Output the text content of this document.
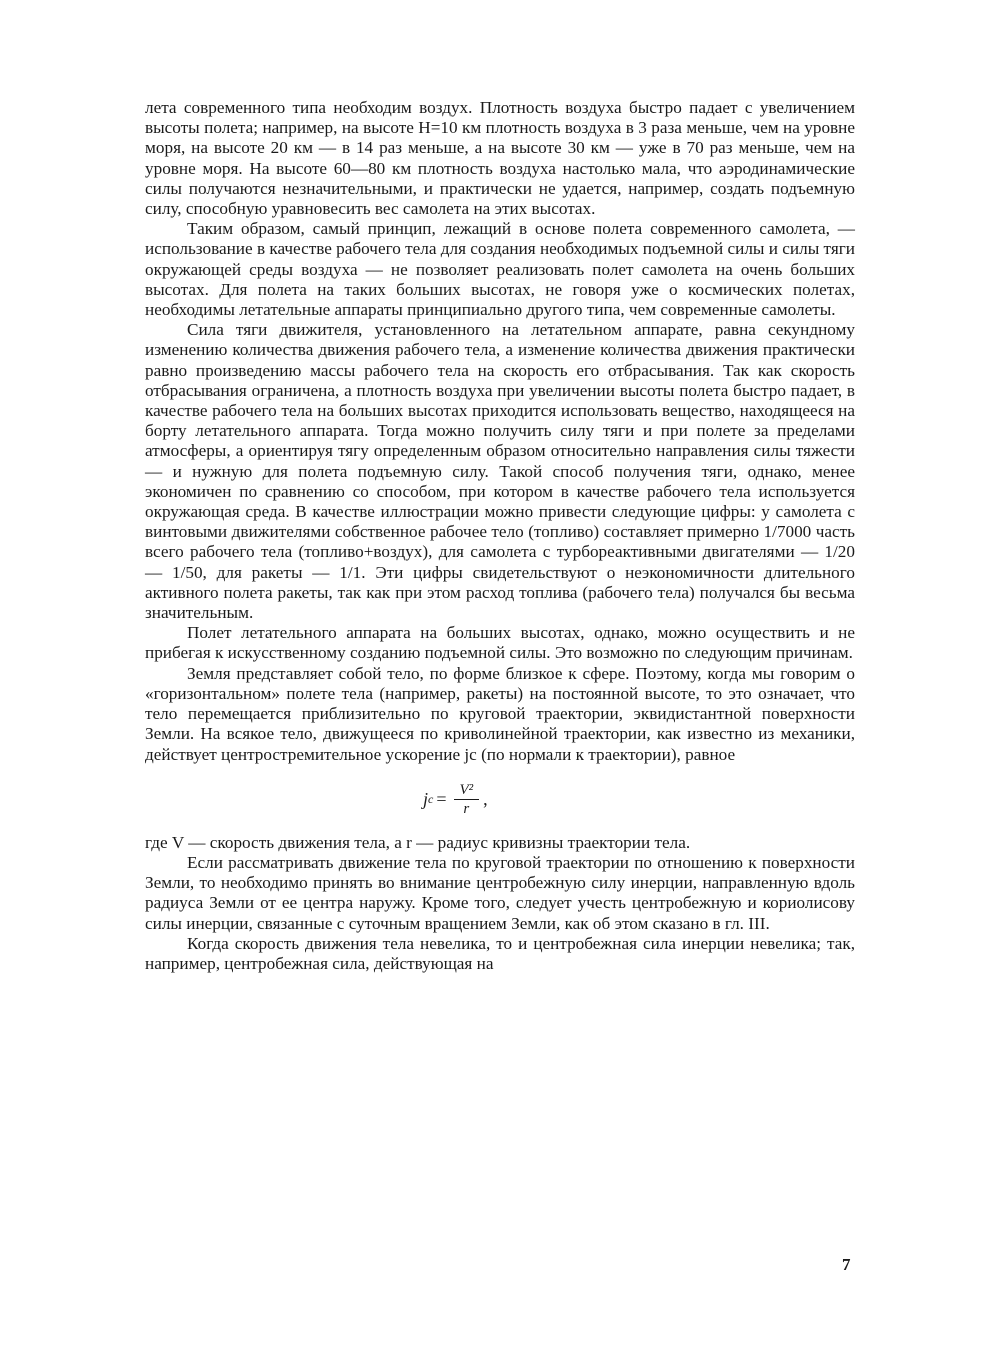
лета современного типа необходим воздух. Плотность воздуха быстро падает с увеличением высоты полета; например, на высоте H=10 км плотность воздуха в 3 раза меньше, чем на уровне моря, на высоте 20 км — в 14 раз меньше, а на высоте 30 км — уже в 70 раз меньше, чем на уровне моря. На высоте 60—80 км плотность воздуха настолько мала, что аэродинамические силы получаются незначительными, и практически не удается, например, создать подъемную силу, способную уравновесить вес самолета на этих высотах.

Таким образом, самый принцип, лежащий в основе полета современного самолета, — использование в качестве рабочего тела для создания необходимых подъемной силы и силы тяги окружающей среды воздуха — не позволяет реализовать полет самолета на очень больших высотах. Для полета на таких больших высотах, не говоря уже о космических полетах, необходимы летательные аппараты принципиально другого типа, чем современные самолеты.

Сила тяги движителя, установленного на летательном аппарате, равна секундному изменению количества движения рабочего тела, а изменение количества движения практически равно произведению массы рабочего тела на скорость его отбрасывания. Так как скорость отбрасывания ограничена, а плотность воздуха при увеличении высоты полета быстро падает, в качестве рабочего тела на больших высотах приходится использовать вещество, находящееся на борту летательного аппарата. Тогда можно получить силу тяги и при полете за пределами атмосферы, а ориентируя тягу определенным образом относительно направления силы тяжести — и нужную для полета подъемную силу. Такой способ получения тяги, однако, менее экономичен по сравнению со способом, при котором в качестве рабочего тела используется окружающая среда. В качестве иллюстрации можно привести следующие цифры: у самолета с винтовыми движителями собственное рабочее тело (топливо) составляет примерно 1/7000 часть всего рабочего тела (топливо+воздух), для самолета с турбореактивными двигателями — 1/20 — 1/50, для ракеты — 1/1. Эти цифры свидетельствуют о неэкономичности длительного активного полета ракеты, так как при этом расход топлива (рабочего тела) получался бы весьма значительным.

Полет летательного аппарата на больших высотах, однако, можно осуществить и не прибегая к искусственному созданию подъемной силы. Это возможно по следующим причинам.

Земля представляет собой тело, по форме близкое к сфере. Поэтому, когда мы говорим о «горизонтальном» полете тела (например, ракеты) на постоянной высоте, то это означает, что тело перемещается приблизительно по круговой траектории, эквидистантной поверхности Земли. На всякое тело, движущееся по криволинейной траектории, как известно из механики, действует центростремительное ускорение jc (по нормали к траектории), равное

j $c = \frac{\text{V²}}{r}$ ,

где V — скорость движения тела, а r — радиус кривизны траектории тела.

Если рассматривать движение тела по круговой траектории по отношению к поверхности Земли, то необходимо принять во внимание центробежную силу инерции, направленную вдоль радиуса Земли от ее центра наружу. Кроме того, следует учесть центробежную и кориолисову силы инерции, связанные с суточным вращением Земли, как об этом сказано в гл. III.

Когда скорость движения тела невелика, то и центробежная сила инерции невелика; так, например, центробежная сила, действующая на

7
